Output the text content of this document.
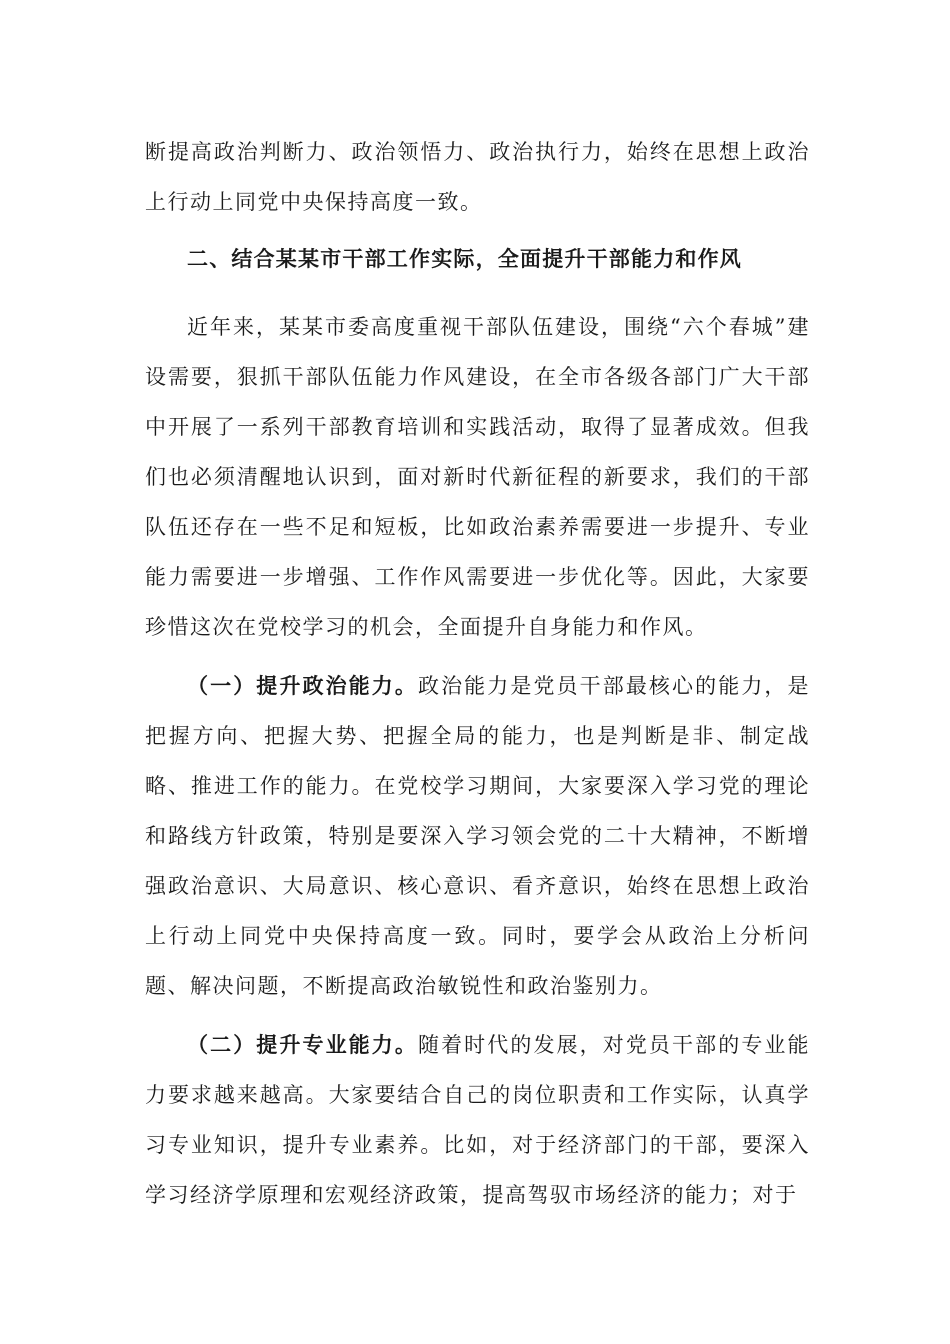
断提高政治判断力、政治领悟力、政治执行力，始终在思想上政治上行动上同党中央保持高度一致。

二、结合某某市干部工作实际，全面提升干部能力和作风

近年来，某某市委高度重视干部队伍建设，围绕“六个春城”建设需要，狠抓干部队伍能力作风建设，在全市各级各部门广大干部中开展了一系列干部教育培训和实践活动，取得了显著成效。但我们也必须清醒地认识到，面对新时代新征程的新要求，我们的干部队伍还存在一些不足和短板，比如政治素养需要进一步提升、专业能力需要进一步增强、工作作风需要进一步优化等。因此，大家要珍惜这次在党校学习的机会，全面提升自身能力和作风。

（一）提升政治能力。政治能力是党员干部最核心的能力，是把握方向、把握大势、把握全局的能力，也是判断是非、制定战略、推进工作的能力。在党校学习期间，大家要深入学习党的理论和路线方针政策，特别是要深入学习领会党的二十大精神，不断增强政治意识、大局意识、核心意识、看齐意识，始终在思想上政治上行动上同党中央保持高度一致。同时，要学会从政治上分析问题、解决问题，不断提高政治敏锐性和政治鉴别力。

（二）提升专业能力。随着时代的发展，对党员干部的专业能力要求越来越高。大家要结合自己的岗位职责和工作实际，认真学习专业知识，提升专业素养。比如，对于经济部门的干部，要深入学习经济学原理和宏观经济政策，提高驾驭市场经济的能力；对于
